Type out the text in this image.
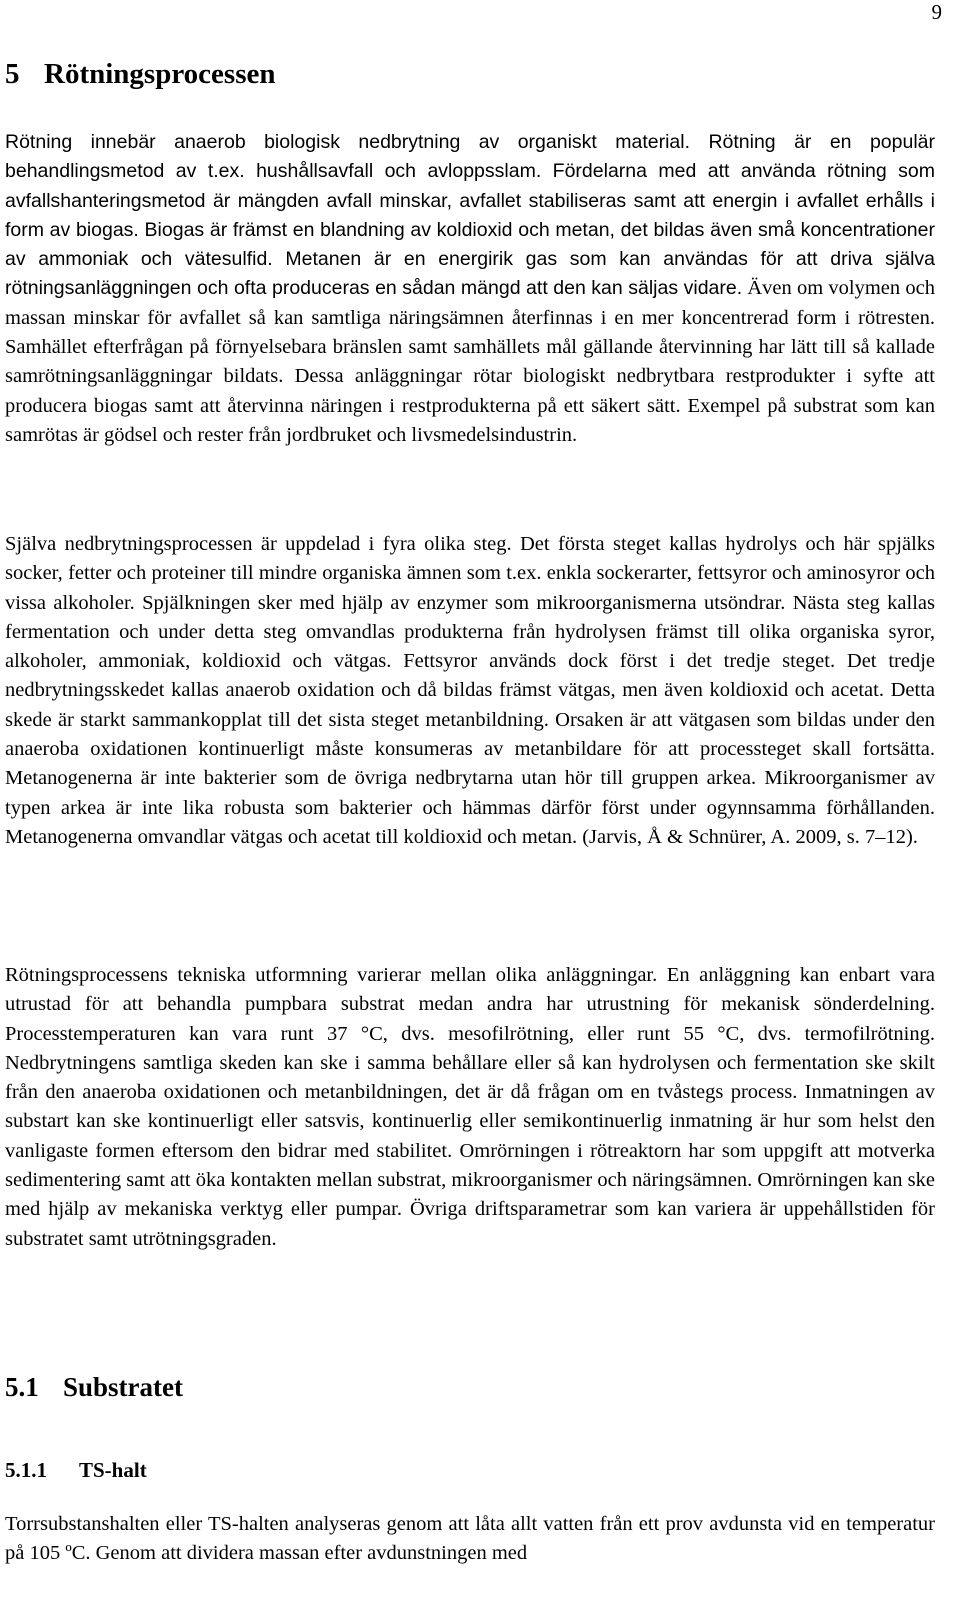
9
5 Rötningsprocessen

Rötning innebär anaerob biologisk nedbrytning av organiskt material. Rötning är en populär behandlingsmetod av t.ex. hushållsavfall och avloppsslam. Fördelarna med att använda rötning som avfallshanteringsmetod är mängden avfall minskar, avfallet stabiliseras samt att energin i avfallet erhålls i form av biogas. Biogas är främst en blandning av koldioxid och metan, det bildas även små koncentrationer av ammoniak och vätesulfid. Metanen är en energirik gas som kan användas för att driva själva rötningsanläggningen och ofta produceras en sådan mängd att den kan säljas vidare. Även om volymen och massan minskar för avfallet så kan samtliga näringsämnen återfinnas i en mer koncentrerad form i rötresten. Samhället efterfrågan på förnyelsebara bränslen samt samhällets mål gällande återvinning har lätt till så kallade samrötningsanläggningar bildats. Dessa anläggningar rötar biologiskt nedbrytbara restprodukter i syfte att producera biogas samt att återvinna näringen i restprodukterna på ett säkert sätt. Exempel på substrat som kan samrötas är gödsel och rester från jordbruket och livsmedelsindustrin.

Själva nedbrytningsprocessen är uppdelad i fyra olika steg. Det första steget kallas hydrolys och här spjälks socker, fetter och proteiner till mindre organiska ämnen som t.ex. enkla sockerarter, fettsyror och aminosyror och vissa alkoholer. Spjälkningen sker med hjälp av enzymer som mikroorganismerna utsöndrar. Nästa steg kallas fermentation och under detta steg omvandlas produkterna från hydrolysen främst till olika organiska syror, alkoholer, ammoniak, koldioxid och vätgas. Fettsyror används dock först i det tredje steget. Det tredje nedbrytningsskedet kallas anaerob oxidation och då bildas främst vätgas, men även koldioxid och acetat. Detta skede är starkt sammankopplat till det sista steget metanbildning. Orsaken är att vätgasen som bildas under den anaeroba oxidationen kontinuerligt måste konsumeras av metanbildare för att processteget skall fortsätta. Metanogenerna är inte bakterier som de övriga nedbrytarna utan hör till gruppen arkea. Mikroorganismer av typen arkea är inte lika robusta som bakterier och hämmas därför först under ogynnsamma förhållanden. Metanogenerna omvandlar vätgas och acetat till koldioxid och metan. (Jarvis, Å & Schnürer, A. 2009, s. 7‒12).

Rötningsprocessens tekniska utformning varierar mellan olika anläggningar. En anläggning kan enbart vara utrustad för att behandla pumpbara substrat medan andra har utrustning för mekanisk sönderdelning. Processtemperaturen kan vara runt 37 °C, dvs. mesofilrötning, eller runt 55 °C, dvs. termofilrötning. Nedbrytningens samtliga skeden kan ske i samma behållare eller så kan hydrolysen och fermentation ske skilt från den anaeroba oxidationen och metanbildningen, det är då frågan om en tvåstegs process. Inmatningen av substart kan ske kontinuerligt eller satsvis, kontinuerlig eller semikontinuerlig inmatning är hur som helst den vanligaste formen eftersom den bidrar med stabilitet. Omrörningen i rötreaktorn har som uppgift att motverka sedimentering samt att öka kontakten mellan substrat, mikroorganismer och näringsämnen. Omrörningen kan ske med hjälp av mekaniska verktyg eller pumpar. Övriga driftsparametrar som kan variera är uppehållstiden för substratet samt utrötningsgraden.

5.1 Substratet
5.1.1 TS-halt

Torrsubstanshalten eller TS-halten analyseras genom att låta allt vatten från ett prov avdunsta vid en temperatur på 105 ºC. Genom att dividera massan efter avdunstningen med
